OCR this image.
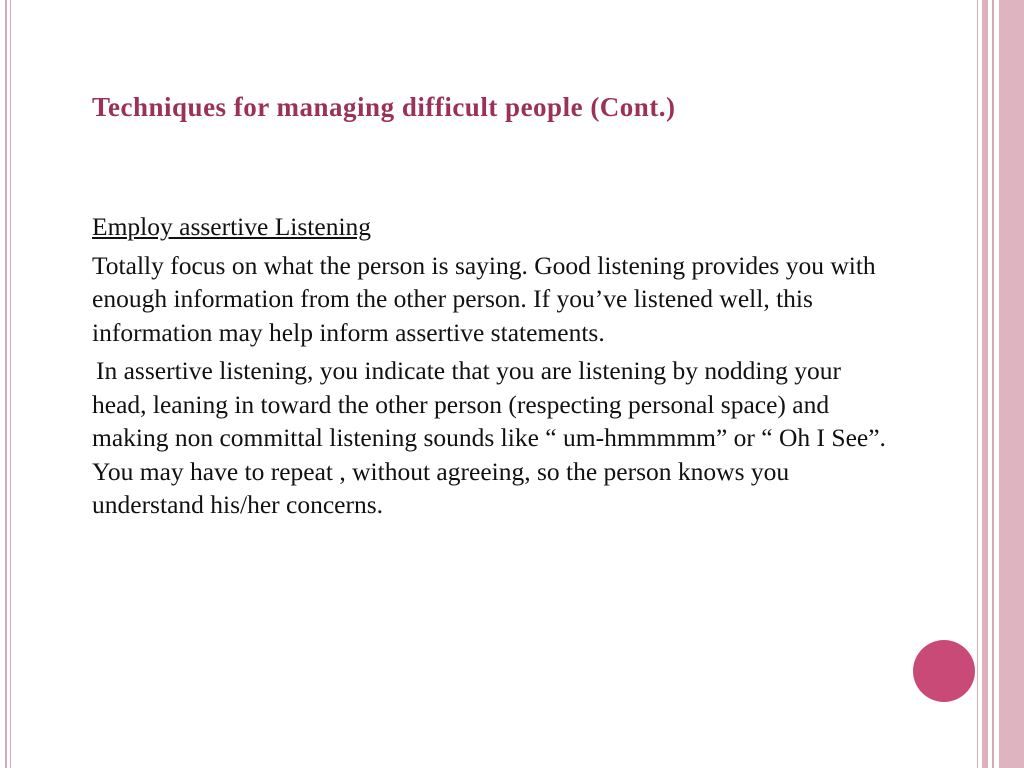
Techniques for managing difficult people (Cont.)

Employ assertive Listening

Totally focus on what the person is saying. Good listening provides you with enough information from the other person. If you’ve listened well, this information may help inform assertive statements.

In assertive listening, you indicate that you are listening by nodding your head, leaning in toward the other person (respecting personal space) and making non committal listening sounds like “ um-hmmmmm” or “ Oh I See”. You may have to repeat , without agreeing, so the person knows you understand his/her concerns.
